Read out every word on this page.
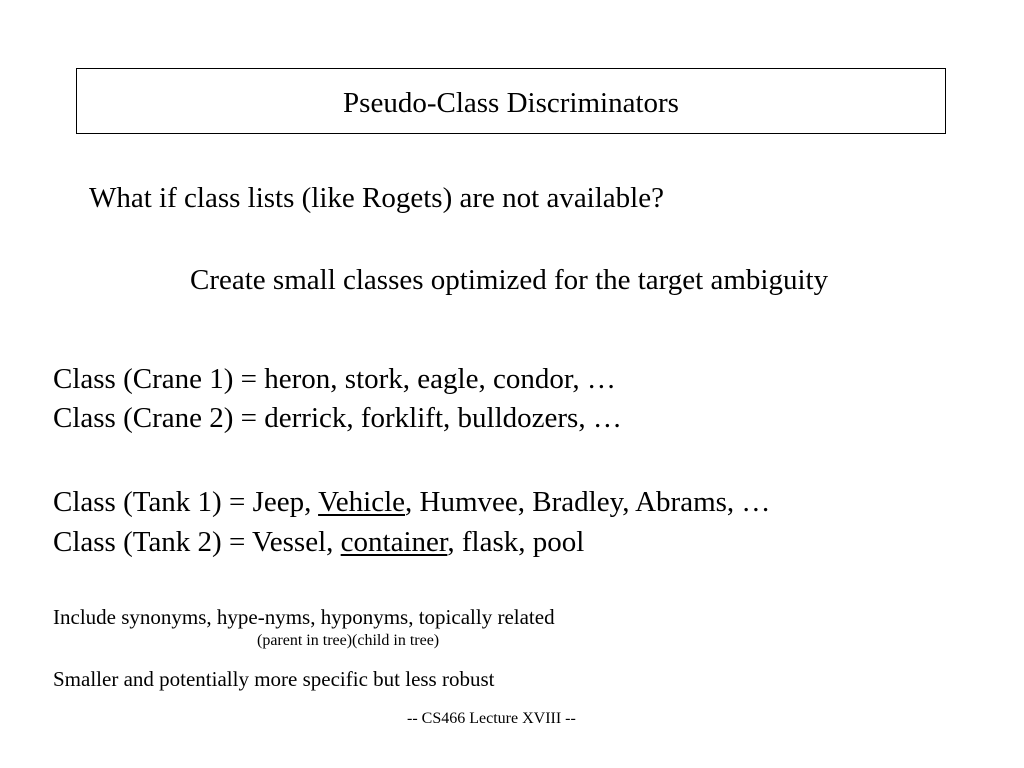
Pseudo-Class Discriminators
What if class lists (like Rogets) are not available?
Create small classes optimized for the target ambiguity
Class (Crane 1) = heron, stork, eagle, condor, …
Class (Crane 2) = derrick, forklift, bulldozers, …
Class (Tank 1) = Jeep, Vehicle, Humvee, Bradley, Abrams, …
Class (Tank 2) = Vessel, container, flask, pool
Include synonyms, hype-nyms, hyponyms, topically related
(parent in tree)(child in tree)
Smaller and potentially more specific but less robust
-- CS466 Lecture XVIII --
